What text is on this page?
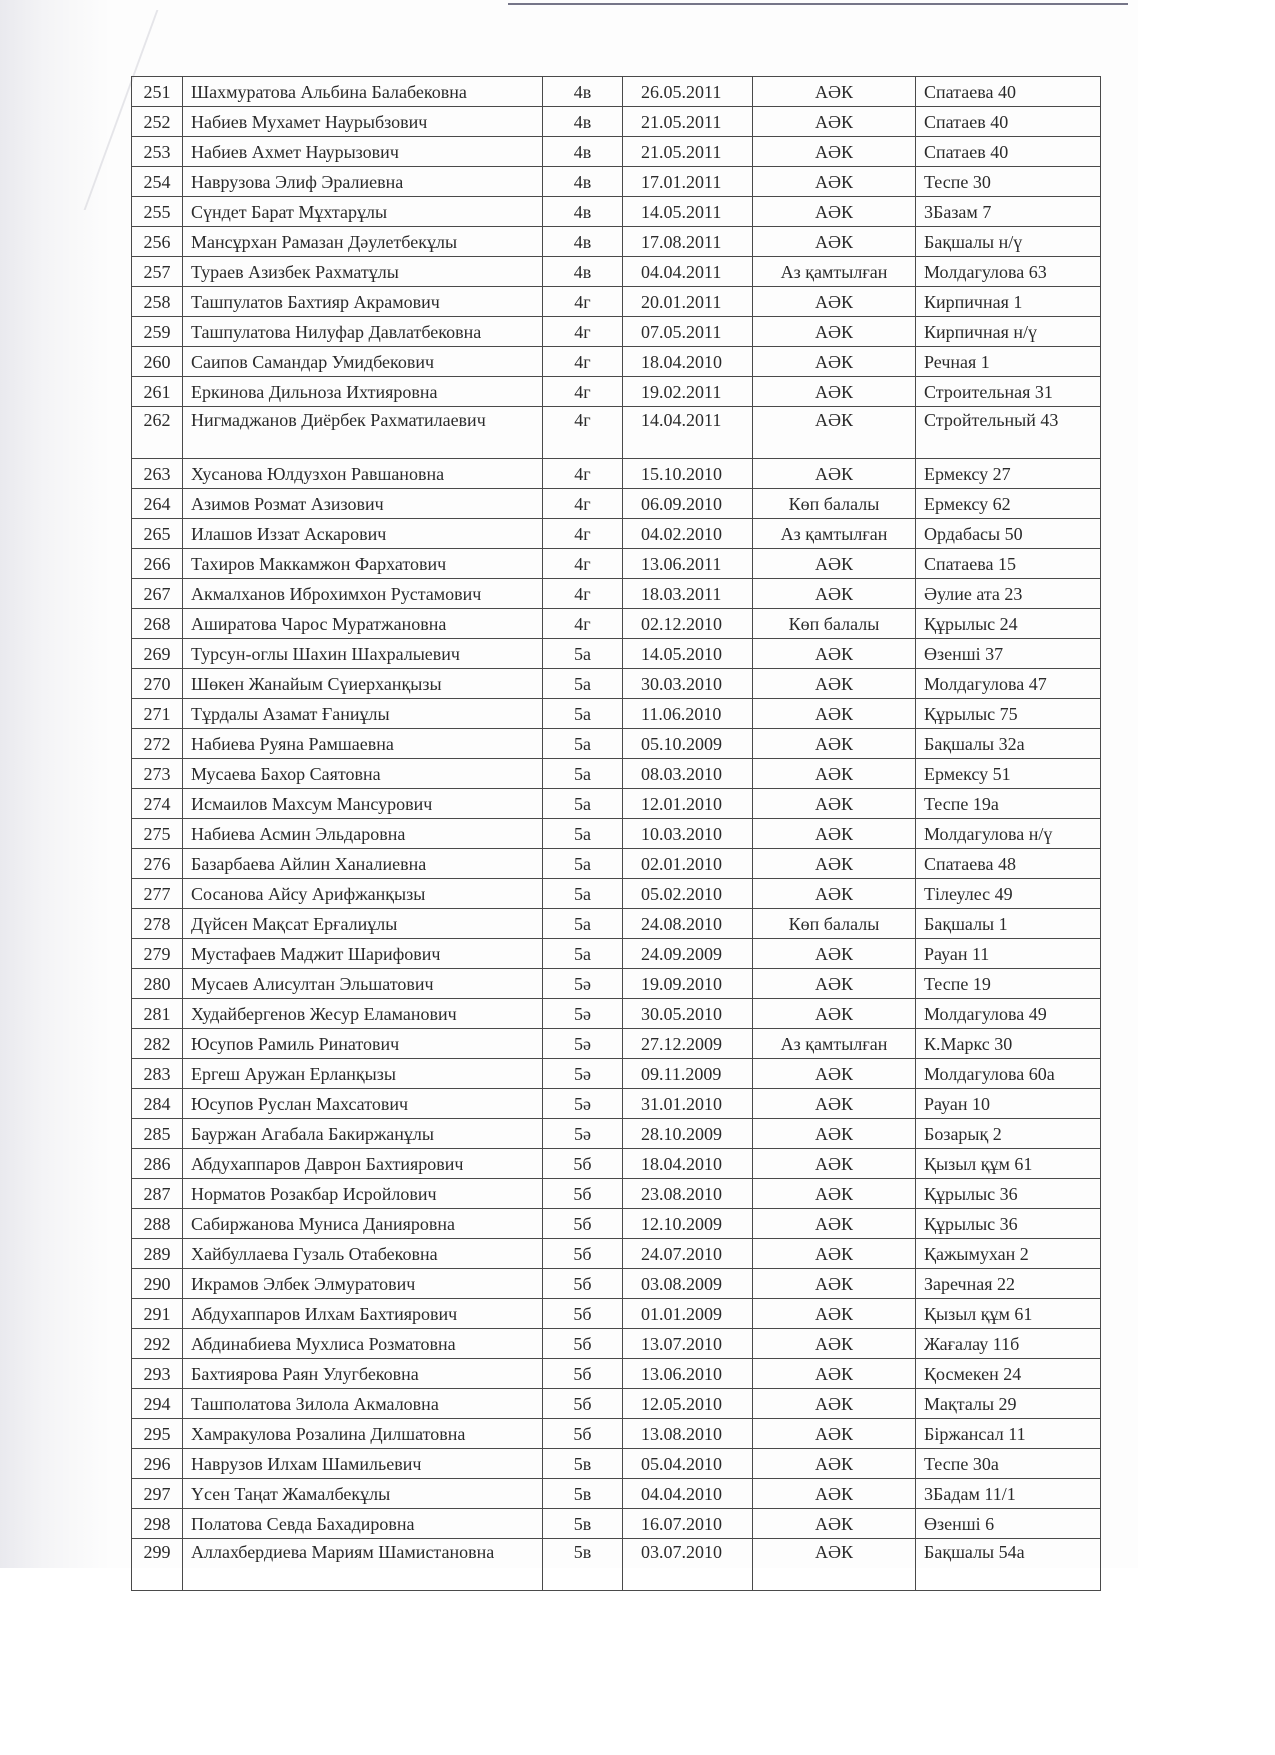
251	Шахмуратова Альбина Балабековна	4в	26.05.2011	АӘК	Спатаева 40
252	Набиев Мухамет Наурыбзович	4в	21.05.2011	АӘК	Спатаев 40
253	Набиев Ахмет Наурызович	4в	21.05.2011	АӘК	Спатаев 40
254	Наврузова Элиф Эралиевна	4в	17.01.2011	АӘК	Теспе 30
255	Сүндет Барат Мұхтарұлы	4в	14.05.2011	АӘК	3Базам 7
256	Мансұрхан Рамазан Дәулетбекұлы	4в	17.08.2011	АӘК	Бақшалы н/ү
257	Тураев Азизбек Рахматұлы	4в	04.04.2011	Аз қамтылған	Молдагулова 63
258	Ташпулатов Бахтияр Акрамович	4г	20.01.2011	АӘК	Кирпичная 1
259	Ташпулатова Нилуфар Давлатбековна	4г	07.05.2011	АӘК	Кирпичная н/ү
260	Саипов Самандар Умидбекович	4г	18.04.2010	АӘК	Речная 1
261	Еркинова Дильноза Ихтияровна	4г	19.02.2011	АӘК	Строительная 31
262	Нигмаджанов Диёрбек Рахматилаевич	4г	14.04.2011	АӘК	Стройтельный 43
263	Хусанова Юлдузхон Равшановна	4г	15.10.2010	АӘК	Ермексу 27
264	Азимов Розмат Азизович	4г	06.09.2010	Көп балалы	Ермексу 62
265	Илашов Иззат Аскарович	4г	04.02.2010	Аз қамтылған	Ордабасы 50
266	Тахиров Маккамжон Фархатович	4г	13.06.2011	АӘК	Спатаева 15
267	Акмалханов Иброхимхон Рустамович	4г	18.03.2011	АӘК	Әулие ата 23
268	Ашират​ова Чарос Муратжановна	4г	02.12.2010	Көп балалы	Құрылыс 24
269	Турсун-оглы Шахин Шахралыевич	5а	14.05.2010	АӘК	Өзенші 37
270	Шөкен Жанайым Сүиерханқызы	5а	30.03.2010	АӘК	Молдагулова 47
271	Тұрдалы Азамат Ғаниұлы	5а	11.06.2010	АӘК	Құрылыс 75
272	Набиева Руяна Рамшаевна	5а	05.10.2009	АӘК	Бақшалы 32а
273	Мусаева Бахор Саятовна	5а	08.03.2010	АӘК	Ермексу 51
274	Исмаилов Махсум Мансурович	5а	12.01.2010	АӘК	Теспе 19а
275	Набиева Асмин Эльдаровна	5а	10.03.2010	АӘК	Молдагулова н/ү
276	Базарбаева Айлин Ханалиевна	5а	02.01.2010	АӘК	Спатаева 48
277	Сосанова Айсу Арифжанқызы	5а	05.02.2010	АӘК	Тілеулес 49
278	Дүйсен Мақсат Ерғалиұлы	5а	24.08.2010	Көп балалы	Бақшалы 1
279	Мустафаев Маджит Шарифович	5а	24.09.2009	АӘК	Рауан 11
280	Мусаев Алисултан Эльшатович	5ә	19.09.2010	АӘК	Теспе 19
281	Худайбергенов Жесур Еламанович	5ә	30.05.2010	АӘК	Молдагулова 49
282	Юсупов Рамиль Ринатович	5ә	27.12.2009	Аз қамтылған	К.Маркс 30
283	Ергеш Аружан Ерланқызы	5ә	09.11.2009	АӘК	Молдагулова 60а
284	Юсупов Руслан Махсатович	5ә	31.01.2010	АӘК	Рауан 10
285	Бауржан Агабала Бакиржанұлы	5ә	28.10.2009	АӘК	Бозарық 2
286	Абдухаппаров Даврон Бахтиярович	5б	18.04.2010	АӘК	Қызыл құм 61
287	Норматов Розакбар Исройлович	5б	23.08.2010	АӘК	Құрылыс 36
288	Сабиржанова Муниса Данияровна	5б	12.10.2009	АӘК	Құрылыс 36
289	Хайбуллаева Гузаль Отабековна	5б	24.07.2010	АӘК	Қажымухан 2
290	Икрамов Элбек Элмуратович	5б	03.08.2009	АӘК	Заречная 22
291	Абдухаппаров Илхам Бахтиярович	5б	01.01.2009	АӘК	Қызыл құм 61
292	Абдинабиева Мухлиса Розматовна	5б	13.07.2010	АӘК	Жағалау 11б
293	Бахтиярова Раян Улугбековна	5б	13.06.2010	АӘК	Қосмекен 24
294	Ташполатова Зилола Акмаловна	5б	12.05.2010	АӘК	Мақталы 29
295	Хамракулова Розалина Дилшатовна	5б	13.08.2010	АӘК	Біржансал 11
296	Наврузов Илхам Шамильевич	5в	05.04.2010	АӘК	Теспе 30а
297	Үсен Таңат Жамалбекұлы	5в	04.04.2010	АӘК	3Бадам 11/1
298	Полатова Севда Бахадировна	5в	16.07.2010	АӘК	Өзенші 6
299	Аллахбердиева Мариям Шамистановна	5в	03.07.2010	АӘК	Бақшалы 54а
